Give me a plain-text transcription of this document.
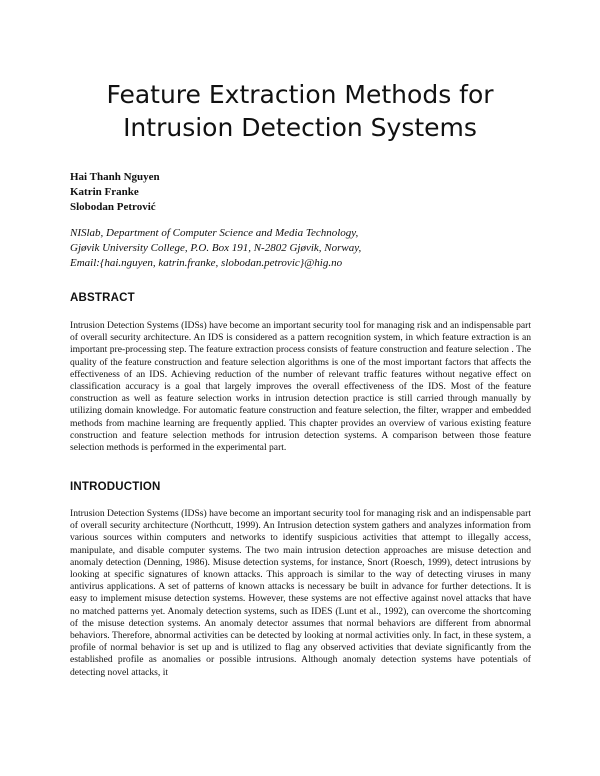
Feature Extraction Methods for
Intrusion Detection Systems
Hai Thanh Nguyen
Katrin Franke
Slobodan Petrović
NISlab, Department of Computer Science and Media Technology,
Gjøvik University College, P.O. Box 191, N-2802 Gjøvik, Norway,
Email:{hai.nguyen, katrin.franke, slobodan.petrovic}@hig.no
ABSTRACT

Intrusion Detection Systems (IDSs) have become an important security tool for managing risk and an indispensable part of overall security architecture. An IDS is considered as a pattern recognition system, in which feature extraction is an important pre-processing step. The feature extraction process consists of feature construction and feature selection . The quality of the feature construction and feature selection algorithms is one of the most important factors that affects the effectiveness of an IDS. Achieving reduction of the number of relevant traffic features without negative effect on classification accuracy is a goal that largely improves the overall effectiveness of the IDS. Most of the feature construction as well as feature selection works in intrusion detection practice is still carried through manually by utilizing domain knowledge. For automatic feature construction and feature selection, the filter, wrapper and embedded methods from machine learning are frequently applied. This chapter provides an overview of various existing feature construction and feature selection methods for intrusion detection systems. A comparison between those feature selection methods is performed in the experimental part.

INTRODUCTION

Intrusion Detection Systems (IDSs) have become an important security tool for managing risk and an indispensable part of overall security architecture (Northcutt, 1999). An Intrusion detection system gathers and analyzes information from various sources within computers and networks to identify suspicious activities that attempt to illegally access, manipulate, and disable computer systems. The two main intrusion detection approaches are misuse detection and anomaly detection (Denning, 1986). Misuse detection systems, for instance, Snort (Roesch, 1999), detect intrusions by looking at specific signatures of known attacks. This approach is similar to the way of detecting viruses in many antivirus applications. A set of patterns of known attacks is necessary be built in advance for further detections. It is easy to implement misuse detection systems. However, these systems are not effective against novel attacks that have no matched patterns yet. Anomaly detection systems, such as IDES (Lunt et al., 1992), can overcome the shortcoming of the misuse detection systems. An anomaly detector assumes that normal behaviors are different from abnormal behaviors. Therefore, abnormal activities can be detected by looking at normal activities only. In fact, in these system, a profile of normal behavior is set up and is utilized to flag any observed activities that deviate significantly from the established profile as anomalies or possible intrusions. Although anomaly detection systems have potentials of detecting novel attacks, it
